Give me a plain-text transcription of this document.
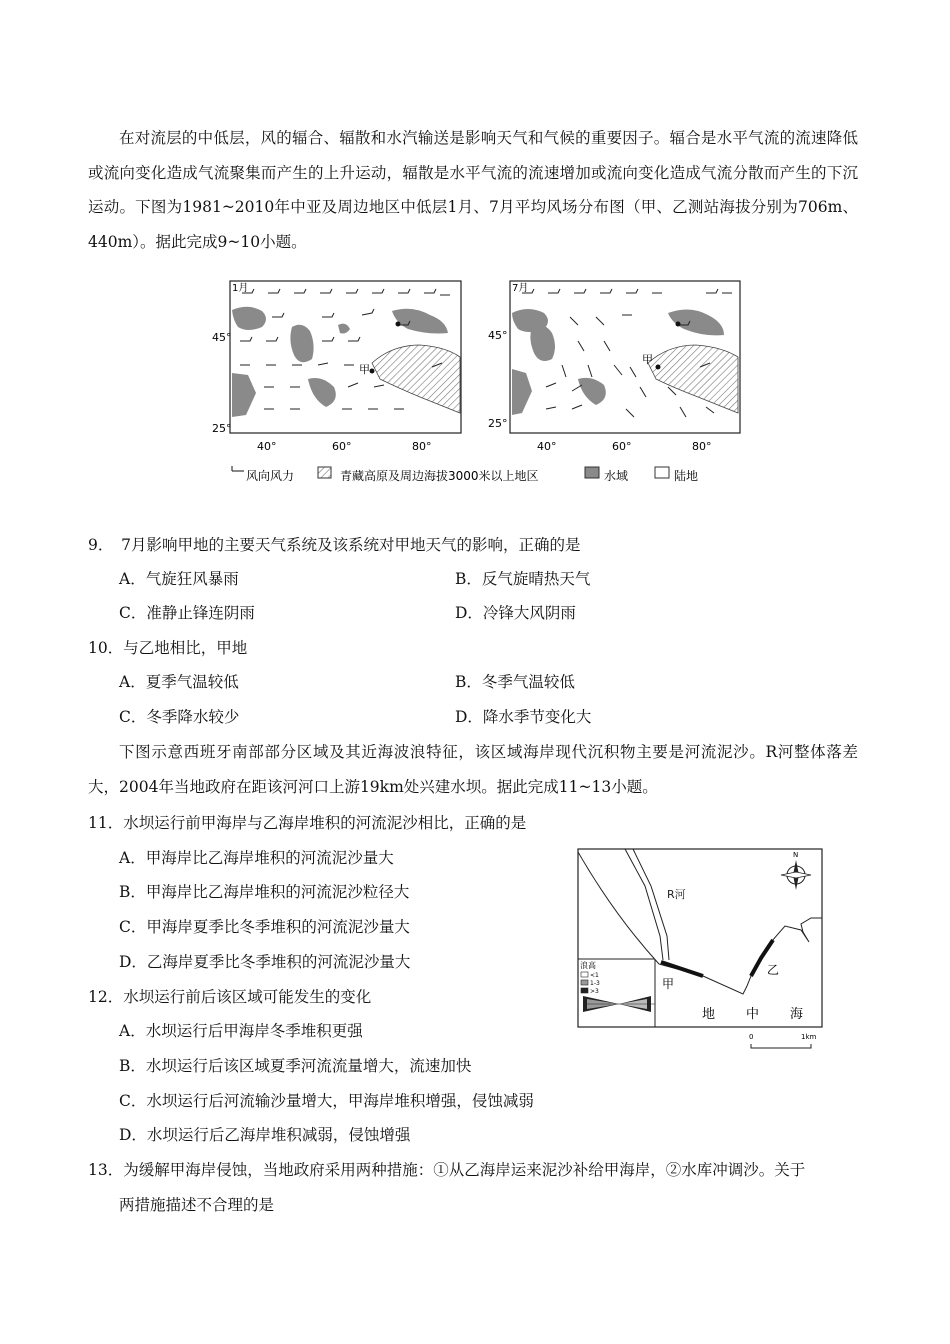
在对流层的中低层，风的辐合、辐散和水汽输送是影响天气和气候的重要因子。辐合是水平气流的流速降低或流向变化造成气流聚集而产生的上升运动，辐散是水平气流的流速增加或流向变化造成气流分散而产生的下沉运动。下图为1981~2010年中亚及周边地区中低层1月、7月平均风场分布图（甲、乙测站海拔分别为706m、440m）。据此完成9~10小题。
1月
甲
45°
25°
40°	60°	80°
7月
甲
45°
25°
40°	60°	80°
风向风力	青藏高原及周边海拔3000米以上地区	水域	陆地
9．　7月影响甲地的主要天气系统及该系统对甲地天气的影响，正确的是
A．气旋狂风暴雨	B．反气旋晴热天气
C．准静止锋连阴雨	D．冷锋大风阴雨
10．与乙地相比，甲地
A．夏季气温较低	B．冬季气温较低
C．冬季降水较少	D．降水季节变化大
下图示意西班牙南部部分区域及其近海波浪特征，该区域海岸现代沉积物主要是河流泥沙。R河整体落差大，2004年当地政府在距该河河口上游19km处兴建水坝。据此完成11~13小题。
11．水坝运行前甲海岸与乙海岸堆积的河流泥沙相比，正确的是
A．甲海岸比乙海岸堆积的河流泥沙量大
B．甲海岸比乙海岸堆积的河流泥沙粒径大
C．甲海岸夏季比冬季堆积的河流泥沙量大
D．乙海岸夏季比冬季堆积的河流泥沙量大
12．水坝运行前后该区域可能发生的变化
A．水坝运行后甲海岸冬季堆积更强
B．水坝运行后该区域夏季河流流量增大，流速加快
C．水坝运行后河流输沙量增大，甲海岸堆积增强，侵蚀减弱
D．水坝运行后乙海岸堆积减弱，侵蚀增强
13．为缓解甲海岸侵蚀，当地政府采用两种措施：①从乙海岸运来泥沙补给甲海岸，②水库冲调沙。关于
两措施描述不合理的是
N
R河
乙
甲
地 中 海
浪高
<1
1-3
>3
0	1km
